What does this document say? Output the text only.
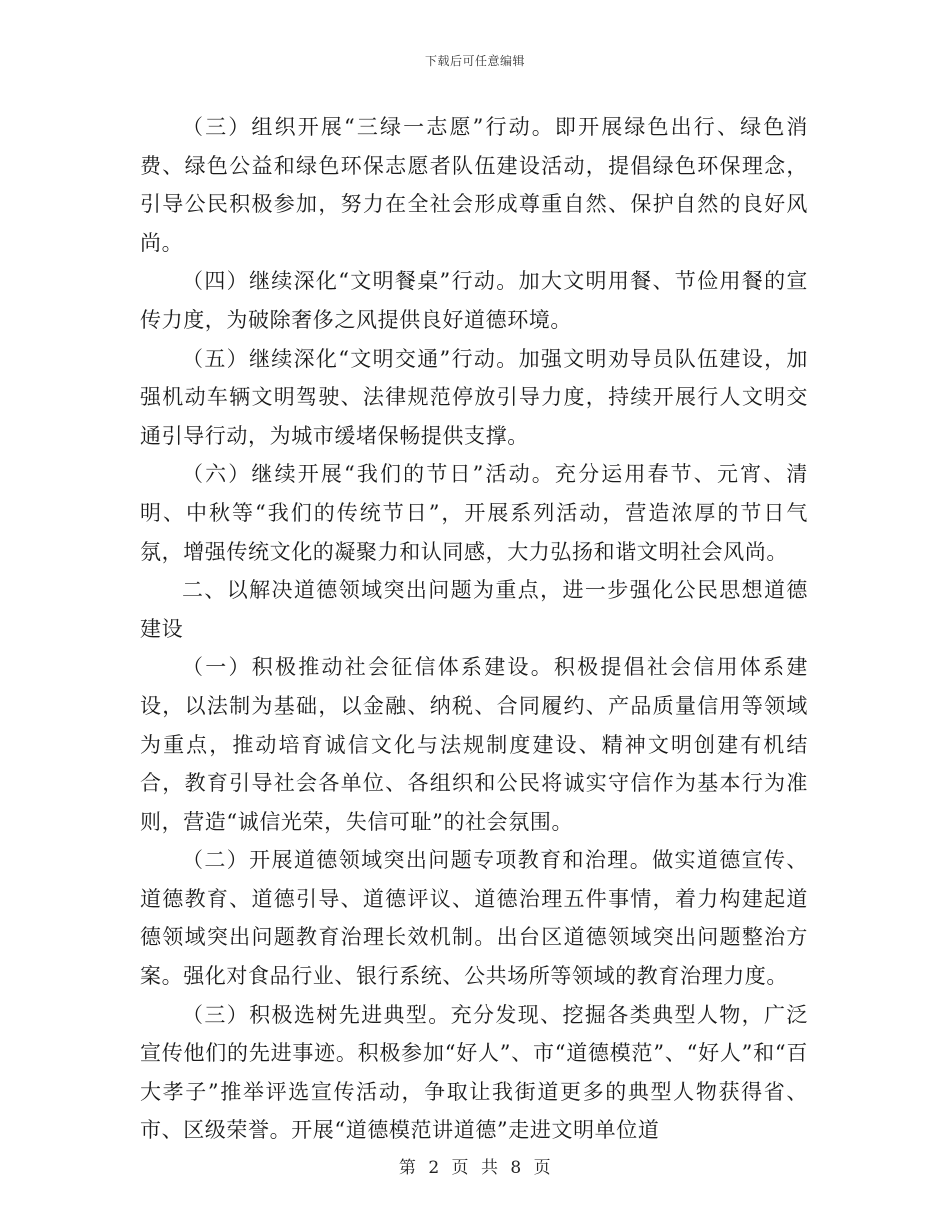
下载后可任意编辑

（三）组织开展“三绿一志愿”行动。即开展绿色出行、绿色消费、绿色公益和绿色环保志愿者队伍建设活动，提倡绿色环保理念，引导公民积极参加，努力在全社会形成尊重自然、保护自然的良好风尚。

（四）继续深化“文明餐桌”行动。加大文明用餐、节俭用餐的宣传力度，为破除奢侈之风提供良好道德环境。

（五）继续深化“文明交通”行动。加强文明劝导员队伍建设，加强机动车辆文明驾驶、法律规范停放引导力度，持续开展行人文明交通引导行动，为城市缓堵保畅提供支撑。

（六）继续开展“我们的节日”活动。充分运用春节、元宵、清明、中秋等“我们的传统节日”，开展系列活动，营造浓厚的节日气氛，增强传统文化的凝聚力和认同感，大力弘扬和谐文明社会风尚。

二、以解决道德领域突出问题为重点，进一步强化公民思想道德建设

（一）积极推动社会征信体系建设。积极提倡社会信用体系建设，以法制为基础，以金融、纳税、合同履约、产品质量信用等领域为重点，推动培育诚信文化与法规制度建设、精神文明创建有机结合，教育引导社会各单位、各组织和公民将诚实守信作为基本行为准则，营造“诚信光荣，失信可耻”的社会氛围。

（二）开展道德领域突出问题专项教育和治理。做实道德宣传、道德教育、道德引导、道德评议、道德治理五件事情，着力构建起道德领域突出问题教育治理长效机制。出台区道德领域突出问题整治方案。强化对食品行业、银行系统、公共场所等领域的教育治理力度。

（三）积极选树先进典型。充分发现、挖掘各类典型人物，广泛宣传他们的先进事迹。积极参加“好人”、市“道德模范”、“好人”和“百大孝子”推举评选宣传活动，争取让我街道更多的典型人物获得省、市、区级荣誉。开展“道德模范讲道德”走进文明单位道

第 2 页 共 8 页
